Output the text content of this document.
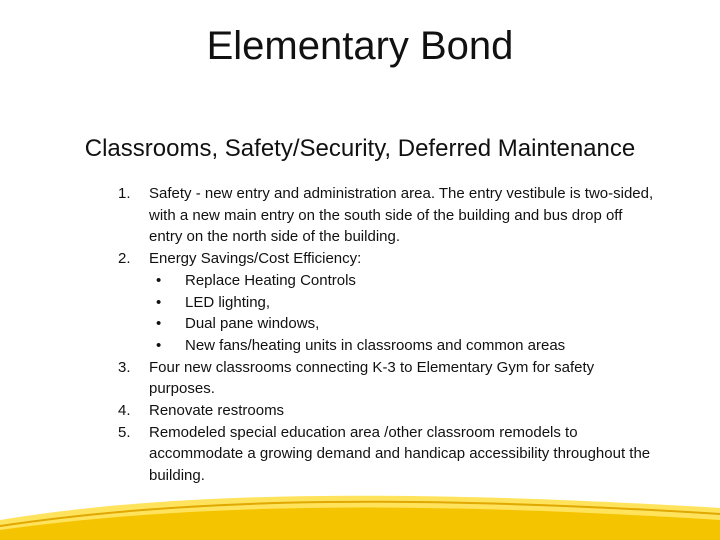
Elementary Bond
Classrooms, Safety/Security, Deferred Maintenance
1. Safety - new entry and administration area. The entry vestibule is two-sided, with a new main entry on the south side of the building and bus drop off entry on the north side of the building.
2. Energy Savings/Cost Efficiency:
• Replace Heating Controls
• LED lighting,
• Dual pane windows,
• New fans/heating units in classrooms and common areas
3. Four new classrooms connecting K-3 to Elementary Gym for safety purposes.
4. Renovate restrooms
5. Remodeled special education area /other classroom remodels to accommodate a growing demand and handicap accessibility throughout the building.
